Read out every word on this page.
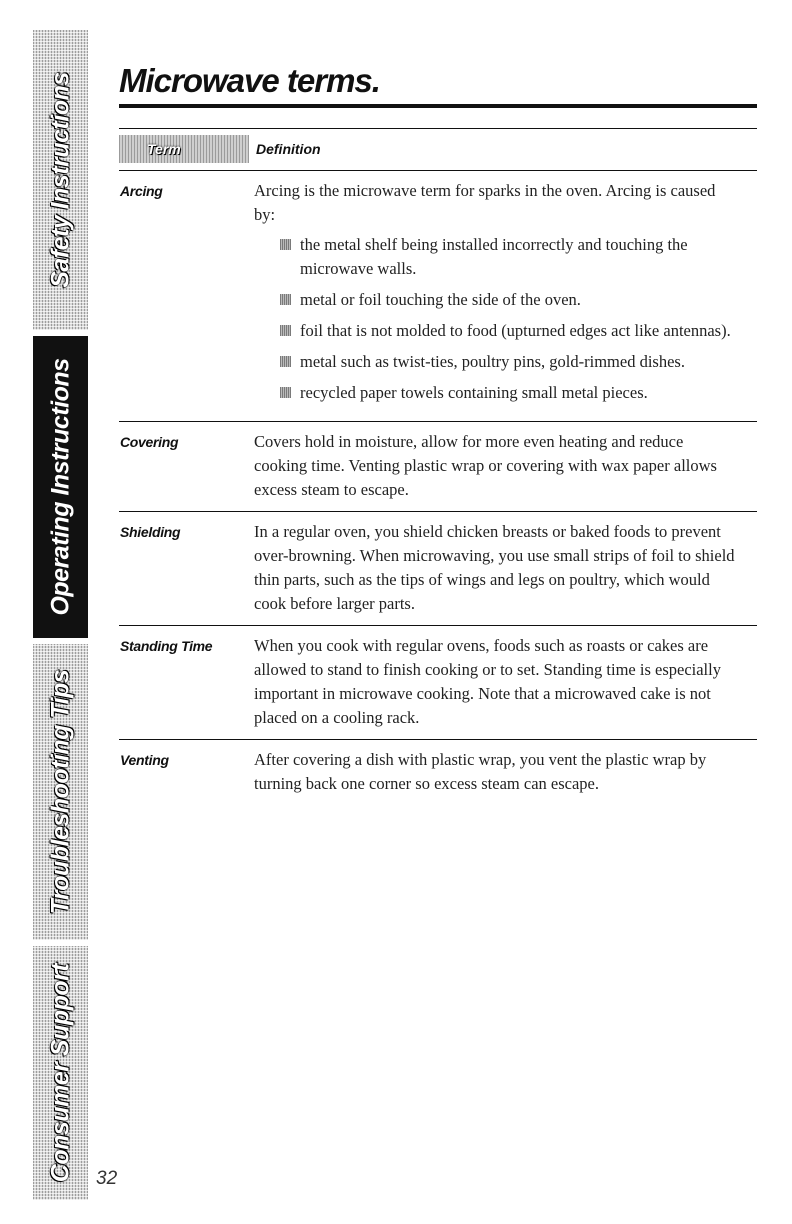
Safety Instructions
Operating Instructions
Troubleshooting Tips
Consumer Support
Microwave terms.
Term	Definition
Arcing	Arcing is the microwave term for sparks in the oven. Arcing is caused by:

the metal shelf being installed incorrectly and touching the microwave walls.
metal or foil touching the side of the oven.
foil that is not molded to food (upturned edges act like antennas).
metal such as twist-ties, poultry pins, gold-rimmed dishes.
recycled paper towels containing small metal pieces.
Covering	Covers hold in moisture, allow for more even heating and reduce cooking time. Venting plastic wrap or covering with wax paper allows excess steam to escape.
Shielding	In a regular oven, you shield chicken breasts or baked foods to prevent over-browning. When microwaving, you use small strips of foil to shield thin parts, such as the tips of wings and legs on poultry, which would cook before larger parts.
Standing Time	When you cook with regular ovens, foods such as roasts or cakes are allowed to stand to finish cooking or to set. Standing time is especially important in microwave cooking. Note that a microwaved cake is not placed on a cooling rack.
Venting	After covering a dish with plastic wrap, you vent the plastic wrap by turning back one corner so excess steam can escape.
32
